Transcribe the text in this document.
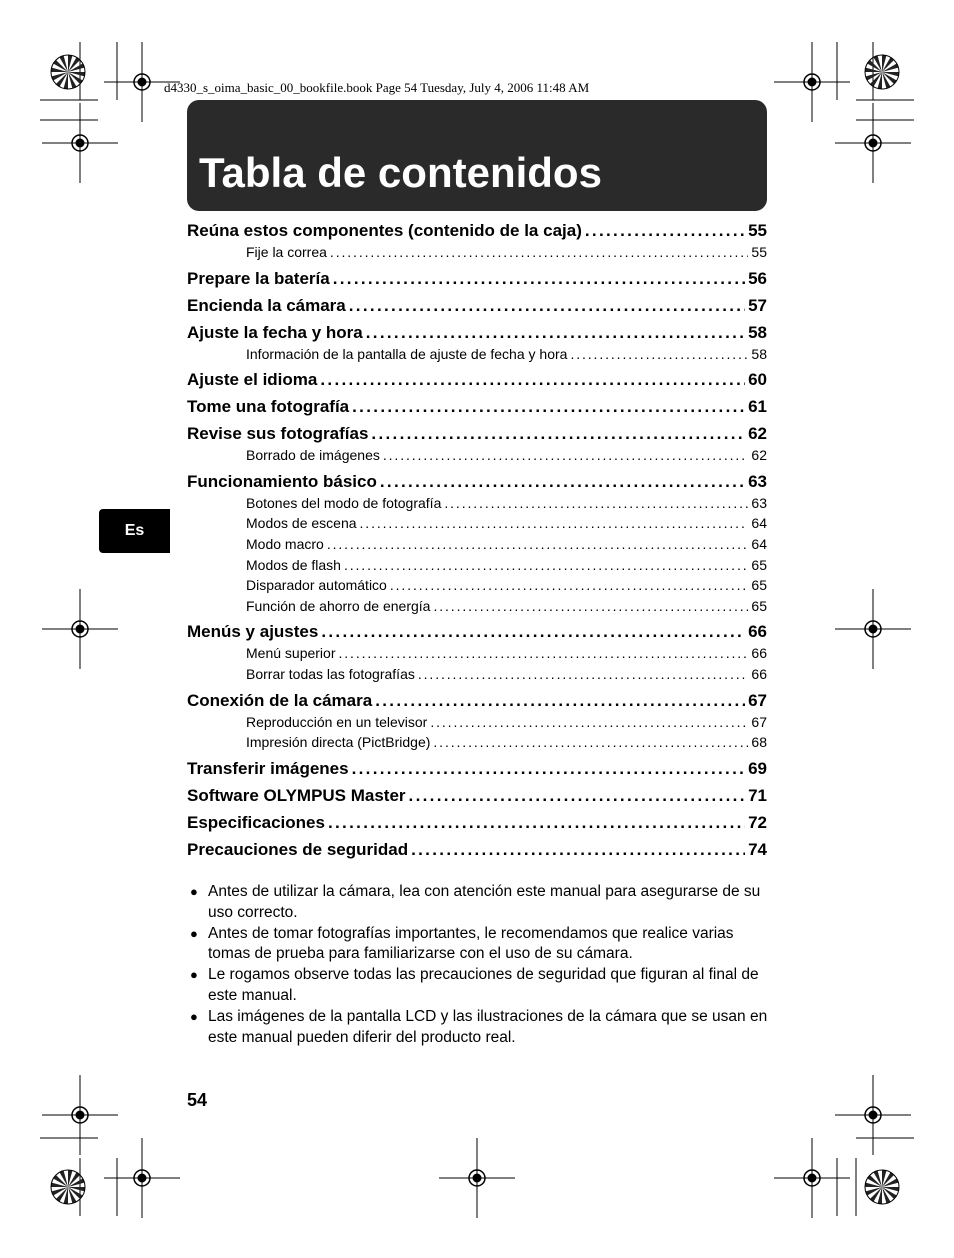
d4330_s_oima_basic_00_bookfile.book Page 54 Tuesday, July 4, 2006 11:48 AM
Tabla de contenidos
Es
Reúna estos componentes (contenido de la caja) . . .	55
Fije la correa . . .	55
Prepare la batería . . .	56
Encienda la cámara . . .	57
Ajuste la fecha y hora . . .	58
Información de la pantalla de ajuste de fecha y hora . . .	58
Ajuste el idioma . . .	60
Tome una fotografía . . .	61
Revise sus fotografías . . .	62
Borrado de imágenes . . .	62
Funcionamiento básico . . .	63
Botones del modo de fotografía . . .	63
Modos de escena . . .	64
Modo macro . . .	64
Modos de flash . . .	65
Disparador automático . . .	65
Función de ahorro de energía . . .	65
Menús y ajustes . . .	66
Menú superior . . .	66
Borrar todas las fotografías . . .	66
Conexión de la cámara . . .	67
Reproducción en un televisor . . .	67
Impresión directa (PictBridge) . . .	68
Transferir imágenes . . .	69
Software OLYMPUS Master . . .	71
Especificaciones . . .	72
Precauciones de seguridad . . .	74
● Antes de utilizar la cámara, lea con atención este manual para asegurarse de su uso correcto.
● Antes de tomar fotografías importantes, le recomendamos que realice varias tomas de prueba para familiarizarse con el uso de su cámara.
● Le rogamos observe todas las precauciones de seguridad que figuran al final de este manual.
● Las imágenes de la pantalla LCD y las ilustraciones de la cámara que se usan en este manual pueden diferir del producto real.
54
